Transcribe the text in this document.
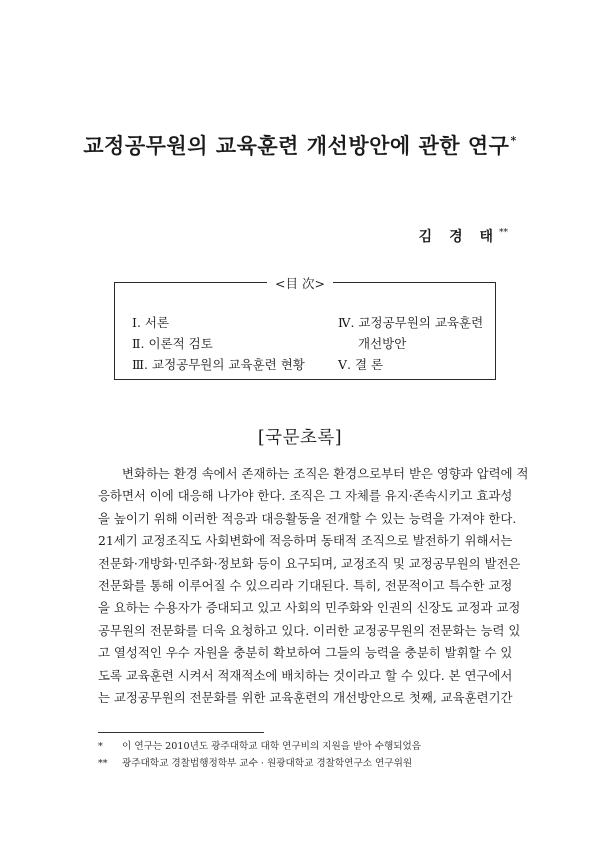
교정공무원의 교육훈련 개선방안에 관한 연구*
김 경 태**
<目 次>
Ⅰ. 서론
Ⅱ. 이론적 검토
Ⅲ. 교정공무원의 교육훈련 현황
Ⅳ. 교정공무원의 교육훈련
개선방안
Ⅴ. 결 론
[국문초록]
변화하는 환경 속에서 존재하는 조직은 환경으로부터 받은 영향과 압력에 적
응하면서 이에 대응해 나가야 한다. 조직은 그 자체를 유지·존속시키고 효과성
을 높이기 위해 이러한 적응과 대응활동을 전개할 수 있는 능력을 가져야 한다.
21세기 교정조직도 사회변화에 적응하며 동태적 조직으로 발전하기 위해서는
전문화·개방화·민주화·정보화 등이 요구되며, 교정조직 및 교정공무원의 발전은
전문화를 통해 이루어질 수 있으리라 기대된다. 특히, 전문적이고 특수한 교정
을 요하는 수용자가 증대되고 있고 사회의 민주화와 인권의 신장도 교정과 교정
공무원의 전문화를 더욱 요청하고 있다. 이러한 교정공무원의 전문화는 능력 있
고 열성적인 우수 자원을 충분히 확보하여 그들의 능력을 충분히 발휘할 수 있
도록 교육훈련 시켜서 적재적소에 배치하는 것이라고 할 수 있다. 본 연구에서
는 교정공무원의 전문화를 위한 교육훈련의 개선방안으로 첫째, 교육훈련기간
* 이 연구는 2010년도 광주대학교 대학 연구비의 지원을 받아 수행되었음
** 광주대학교 경찰법행정학부 교수 · 원광대학교 경찰학연구소 연구위원
